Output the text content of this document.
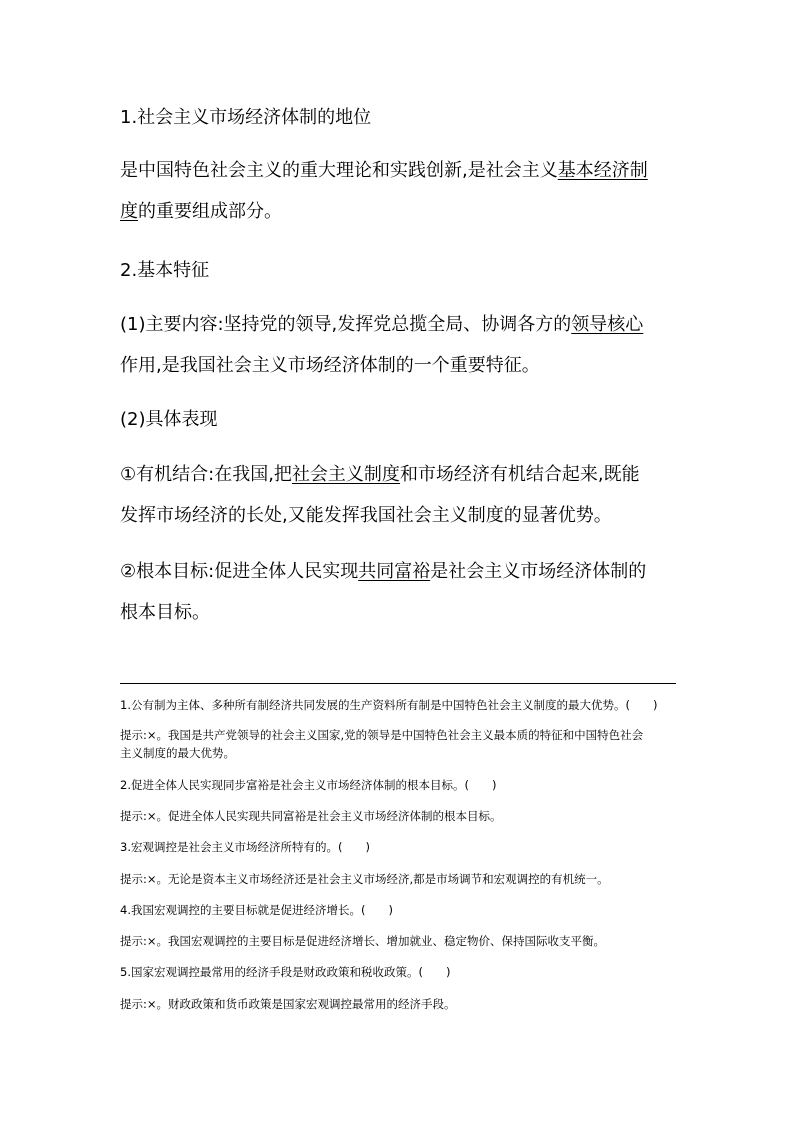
1.社会主义市场经济体制的地位

是中国特色社会主义的重大理论和实践创新,是社会主义基本经济制

度的重要组成部分。

2.基本特征

(1)主要内容:坚持党的领导,发挥党总揽全局、协调各方的领导核心

作用,是我国社会主义市场经济体制的一个重要特征。

(2)具体表现

①有机结合:在我国,把社会主义制度和市场经济有机结合起来,既能

发挥市场经济的长处,又能发挥我国社会主义制度的显著优势。

②根本目标:促进全体人民实现共同富裕是社会主义市场经济体制的

根本目标。

1.公有制为主体、多种所有制经济共同发展的生产资料所有制是中国特色社会主义制度的最大优势。(　　)

提示:×。我国是共产党领导的社会主义国家,党的领导是中国特色社会主义最本质的特征和中国特色社会

主义制度的最大优势。

2.促进全体人民实现同步富裕是社会主义市场经济体制的根本目标。(　　)

提示:×。促进全体人民实现共同富裕是社会主义市场经济体制的根本目标。

3.宏观调控是社会主义市场经济所特有的。(　　)

提示:×。无论是资本主义市场经济还是社会主义市场经济,都是市场调节和宏观调控的有机统一。

4.我国宏观调控的主要目标就是促进经济增长。(　　)

提示:×。我国宏观调控的主要目标是促进经济增长、增加就业、稳定物价、保持国际收支平衡。

5.国家宏观调控最常用的经济手段是财政政策和税收政策。(　　)

提示:×。财政政策和货币政策是国家宏观调控最常用的经济手段。
